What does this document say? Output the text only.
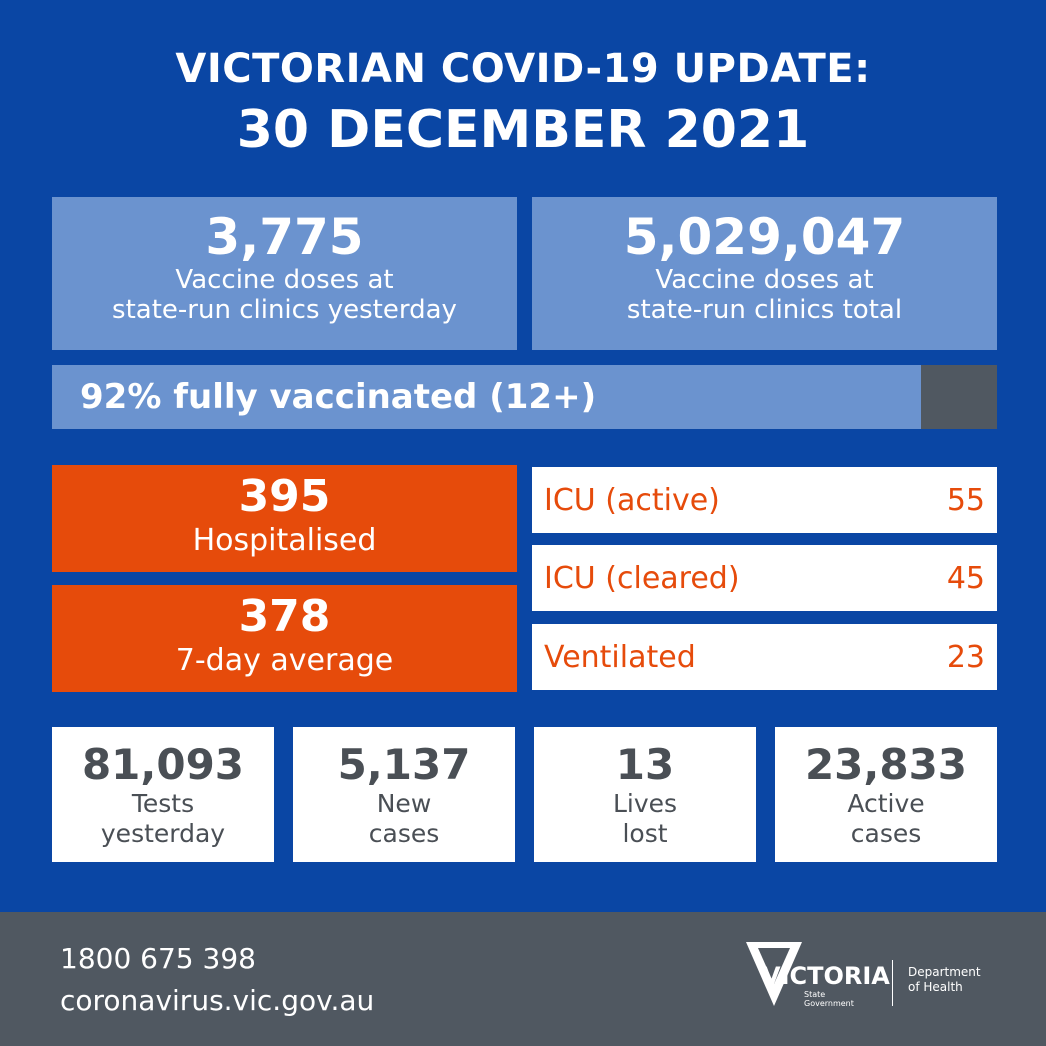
VICTORIAN COVID-19 UPDATE:
30 DECEMBER 2021
3,775
Vaccine doses at
state-run clinics yesterday
5,029,047
Vaccine doses at
state-run clinics total
92% fully vaccinated (12+)
395
Hospitalised
378
7-day average
ICU (active)	55
ICU (cleared)	45
Ventilated	23
81,093
Tests
yesterday
5,137
New
cases
13
Lives
lost
23,833
Active
cases
1800 675 398
coronavirus.vic.gov.au
VICTORIA
State
Government
Department
of Health
